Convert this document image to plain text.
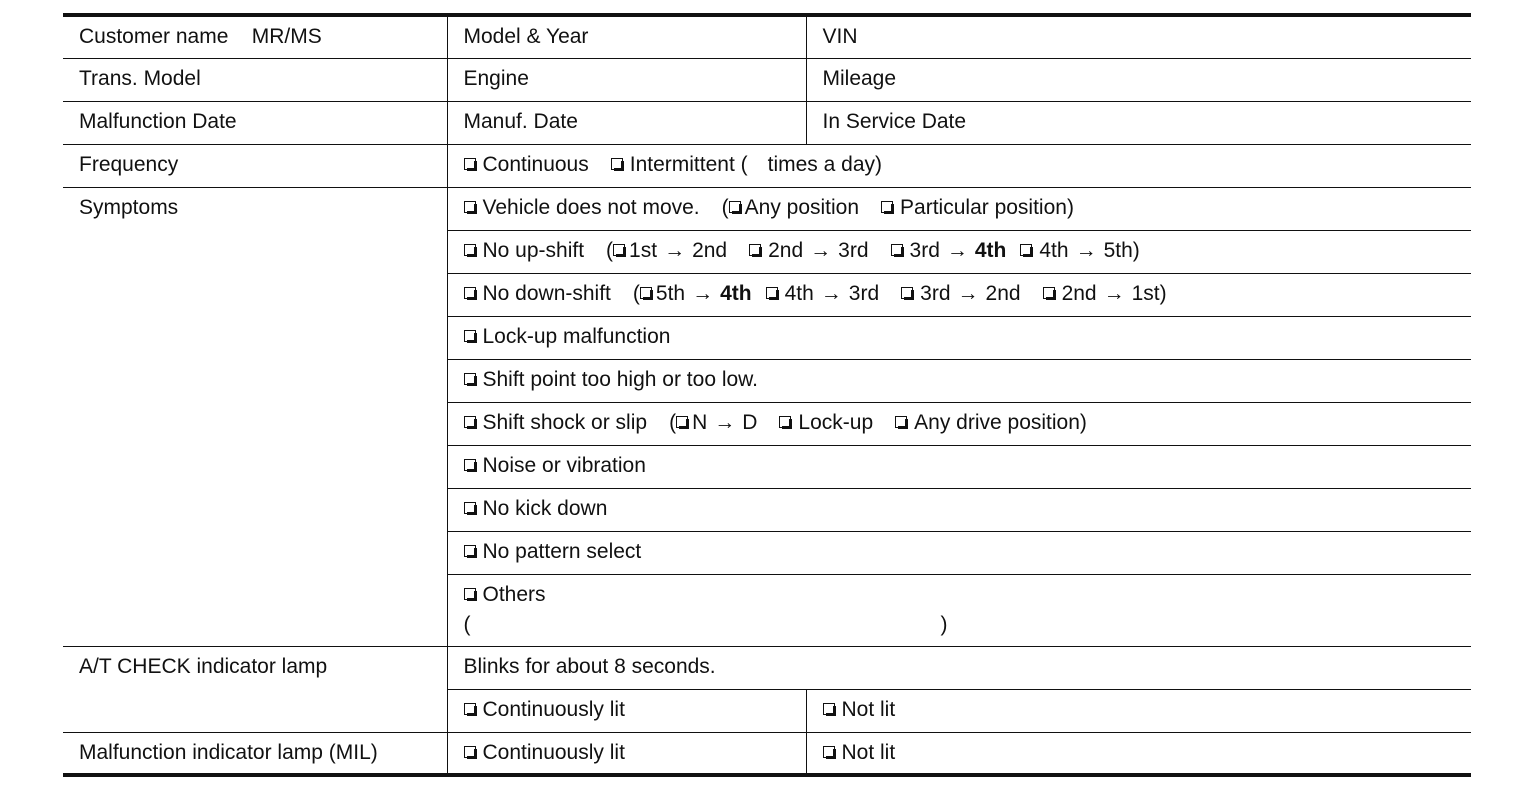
Customer name    MR/MS	Model & Year	VIN
Trans. Model	Engine	Mileage
Malfunction Date	Manuf. Date	In Service Date
Frequency	Continuous Intermittent ( times a day)	
Symptoms	Vehicle does not move. ( Any position Particular position)	
	No up-shift ( 1st → 2nd 2nd → 3rd 3rd → 4th 4th → 5th)	
	No down-shift ( 5th → 4th 4th → 3rd 3rd → 2nd 2nd → 1st)	
	Lock-up malfunction	
	Shift point too high or too low.	
	Shift shock or slip ( N → D Lock-up Any drive position)	
	Noise or vibration	
	No kick down	
	No pattern select	
	Others
( )	

A/T CHECK indicator lamp	Blinks for about 8 seconds.	
	Continuously lit	Not lit
Malfunction indicator lamp (MIL)	Continuously lit	Not lit
